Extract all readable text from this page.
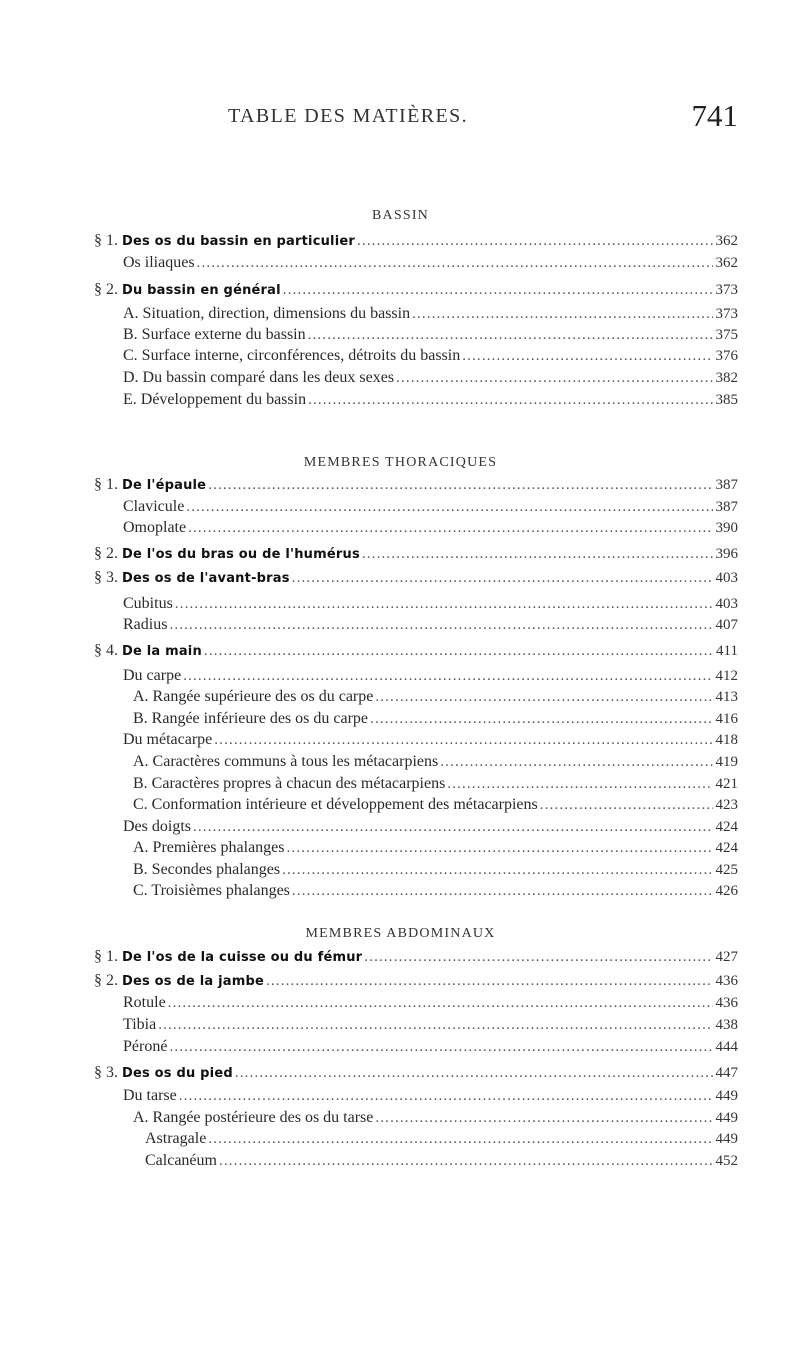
TABLE DES MATIÈRES.	741
BASSIN
§ 1. Des os du bassin en particulier . . .	362
Os iliaques . . .	362
§ 2. Du bassin en général . . .	373
A. Situation, direction, dimensions du bassin . . .	373
B. Surface externe du bassin . . .	375
C. Surface interne, circonférences, détroits du bassin . . .	376
D. Du bassin comparé dans les deux sexes . . .	382
E. Développement du bassin . . .	385
MEMBRES THORACIQUES
§ 1. De l'épaule . . .	387
Clavicule . . .	387
Omoplate . . .	390
§ 2. De l'os du bras ou de l'humérus . . .	396
§ 3. Des os de l'avant-bras . . .	403
Cubitus . . .	403
Radius . . .	407
§ 4. De la main . . .	411
Du carpe . . .	412
A. Rangée supérieure des os du carpe . . .	413
B. Rangée inférieure des os du carpe . . .	416
Du métacarpe . . .	418
A. Caractères communs à tous les métacarpiens . . .	419
B. Caractères propres à chacun des métacarpiens . . .	421
C. Conformation intérieure et développement des métacarpiens . . .	423
Des doigts . . .	424
A. Premières phalanges . . .	424
B. Secondes phalanges . . .	425
C. Troisièmes phalanges . . .	426
MEMBRES ABDOMINAUX
§ 1. De l'os de la cuisse ou du fémur . . .	427
§ 2. Des os de la jambe . . .	436
Rotule . . .	436
Tibia . . .	438
Péroné . . .	444
§ 3. Des os du pied . . .	447
Du tarse . . .	449
A. Rangée postérieure des os du tarse . . .	449
Astragale . . .	449
Calcanéum . . .	452
